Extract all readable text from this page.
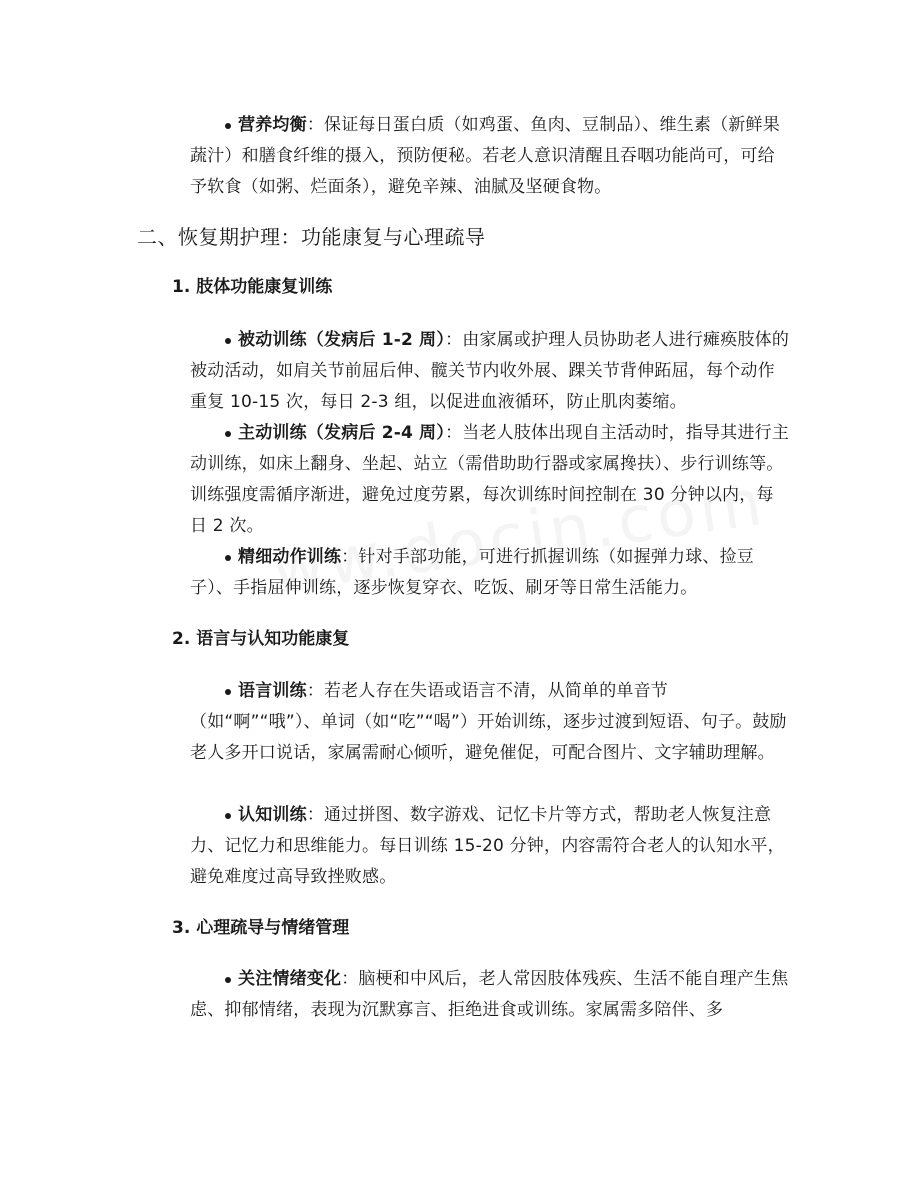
营养均衡：保证每日蛋白质（如鸡蛋、鱼肉、豆制品）、维生素（新鲜果蔬汁）和膳食纤维的摄入，预防便秘。若老人意识清醒且吞咽功能尚可，可给予软食（如粥、烂面条），避免辛辣、油腻及坚硬食物。
二、恢复期护理：功能康复与心理疏导
1. 肢体功能康复训练
被动训练（发病后 1-2 周）：由家属或护理人员协助老人进行瘫痪肢体的被动活动，如肩关节前屈后伸、髋关节内收外展、踝关节背伸跖屈，每个动作重复 10-15 次，每日 2-3 组，以促进血液循环，防止肌肉萎缩。
主动训练（发病后 2-4 周）：当老人肢体出现自主活动时，指导其进行主动训练，如床上翻身、坐起、站立（需借助助行器或家属搀扶）、步行训练等。训练强度需循序渐进，避免过度劳累，每次训练时间控制在 30 分钟以内，每日 2 次。
精细动作训练：针对手部功能，可进行抓握训练（如握弹力球、捡豆子）、手指屈伸训练，逐步恢复穿衣、吃饭、刷牙等日常生活能力。
2. 语言与认知功能康复
语言训练：若老人存在失语或语言不清，从简单的单音节（如“啊”“哦”）、单词（如“吃”“喝”）开始训练，逐步过渡到短语、句子。鼓励老人多开口说话，家属需耐心倾听，避免催促，可配合图片、文字辅助理解。
认知训练：通过拼图、数字游戏、记忆卡片等方式，帮助老人恢复注意力、记忆力和思维能力。每日训练 15-20 分钟，内容需符合老人的认知水平，避免难度过高导致挫败感。
3. 心理疏导与情绪管理
关注情绪变化：脑梗和中风后，老人常因肢体残疾、生活不能自理产生焦虑、抑郁情绪，表现为沉默寡言、拒绝进食或训练。家属需多陪伴、多
